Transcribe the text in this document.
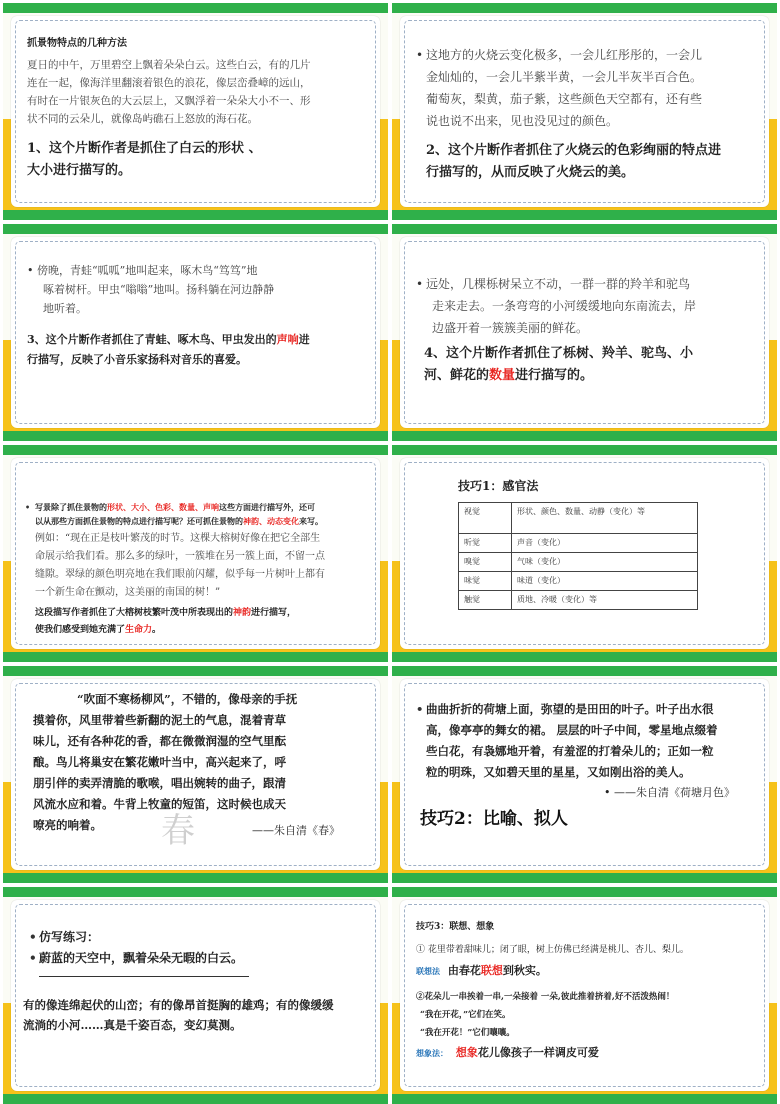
抓景物特点的几种方法
夏日的中午，万里碧空上飘着朵朵白云。这些白云，有的几片
连在一起，像海洋里翻滚着银色的浪花，像层峦叠嶂的远山，
有时在一片银灰色的大云层上，又飘浮着一朵朵大小不一、形
状不同的云朵儿，就像岛屿礁石上怒放的海石花。
1、这个片断作者是抓住了白云的形状 、
大小进行描写的。
• 这地方的火烧云变化极多，一会儿红彤彤的，一会儿
金灿灿的，一会儿半紫半黄，一会儿半灰半百合色。
葡萄灰，梨黄，茄子紫，这些颜色天空都有，还有些
说也说不出来，见也没见过的颜色。
2、这个片断作者抓住了火烧云的色彩绚丽的特点进
行描写的，从而反映了火烧云的美。
• 傍晚，青蛙“呱呱”地叫起来，啄木鸟“笃笃”地
啄着树杆。甲虫“嗡嗡”地叫。扬科躺在河边静静
地听着。
3、这个片断作者抓住了青蛙、啄木鸟、甲虫发出的声响进
行描写，反映了小音乐家扬科对音乐的喜爱。
• 远处，几棵栎树呆立不动，一群一群的羚羊和驼鸟
走来走去。一条弯弯的小河缓缓地向东南流去，岸
边盛开着一簇簇美丽的鲜花。
4、这个片断作者抓住了栎树、羚羊、驼鸟、小
河、鲜花的数量进行描写的。
• 写景除了抓住景物的形状、大小、色彩、数量、声响这些方面进行描写外，还可
以从那些方面抓住景物的特点进行描写呢？还可抓住景物的神韵、动态变化来写。
例如：“现在正是枝叶繁茂的时节。这棵大榕树好像在把它全部生
命展示给我们看。那么多的绿叶，一簇堆在另一簇上面，不留一点
缝隙。翠绿的颜色明亮地在我们眼前闪耀，似乎每一片树叶上都有
一个新生命在颤动，这美丽的南国的树！”
这段描写作者抓住了大榕树枝繁叶茂中所表现出的神韵进行描写，
使我们感受到她充满了生命力。
技巧1：感官法
视觉	形状、颜色、数量、动静（变化）等
听觉	声音（变化）
嗅觉	气味（变化）
味觉	味道（变化）
触觉	质地、冷暖（变化）等
“吹面不寒杨柳风”，不错的，像母亲的手抚
摸着你，风里带着些新翻的泥土的气息，混着青草
味儿，还有各种花的香，都在微微润湿的空气里酝
酿。鸟儿将巢安在繁花嫩叶当中，高兴起来了，呼
朋引伴的卖弄清脆的歌喉，唱出婉转的曲子，跟清
风流水应和着。牛背上牧童的短笛，这时候也成天
嘹亮的响着。	春	——朱自清《春》
• 曲曲折折的荷塘上面，弥望的是田田的叶子。叶子出水很
高，像亭亭的舞女的裙。 层层的叶子中间，零星地点缀着
些白花，有袅娜地开着，有羞涩的打着朵儿的；正如一粒
粒的明珠，又如碧天里的星星，又如刚出浴的美人。
• ——朱自清《荷塘月色》
技巧2：比喻、拟人
• 仿写练习：
• 蔚蓝的天空中，飘着朵朵无暇的白云。
有的像连绵起伏的山峦；有的像昂首挺胸的雄鸡；有的像缓缓
流淌的小河……真是千姿百态，变幻莫测。
技巧3：联想、想象
① 花里带着甜味儿；闭了眼，树上仿佛已经满是桃儿、杏儿、梨儿。
联想法 由春花联想到秋实。
②花朵儿一串挨着一串,一朵接着 一朵,彼此推着挤着,好不活泼热闹！
“我在开花，”它们在笑。
“我在开花！”它们嚷嚷。
想象法： 想象花儿像孩子一样调皮可爱
